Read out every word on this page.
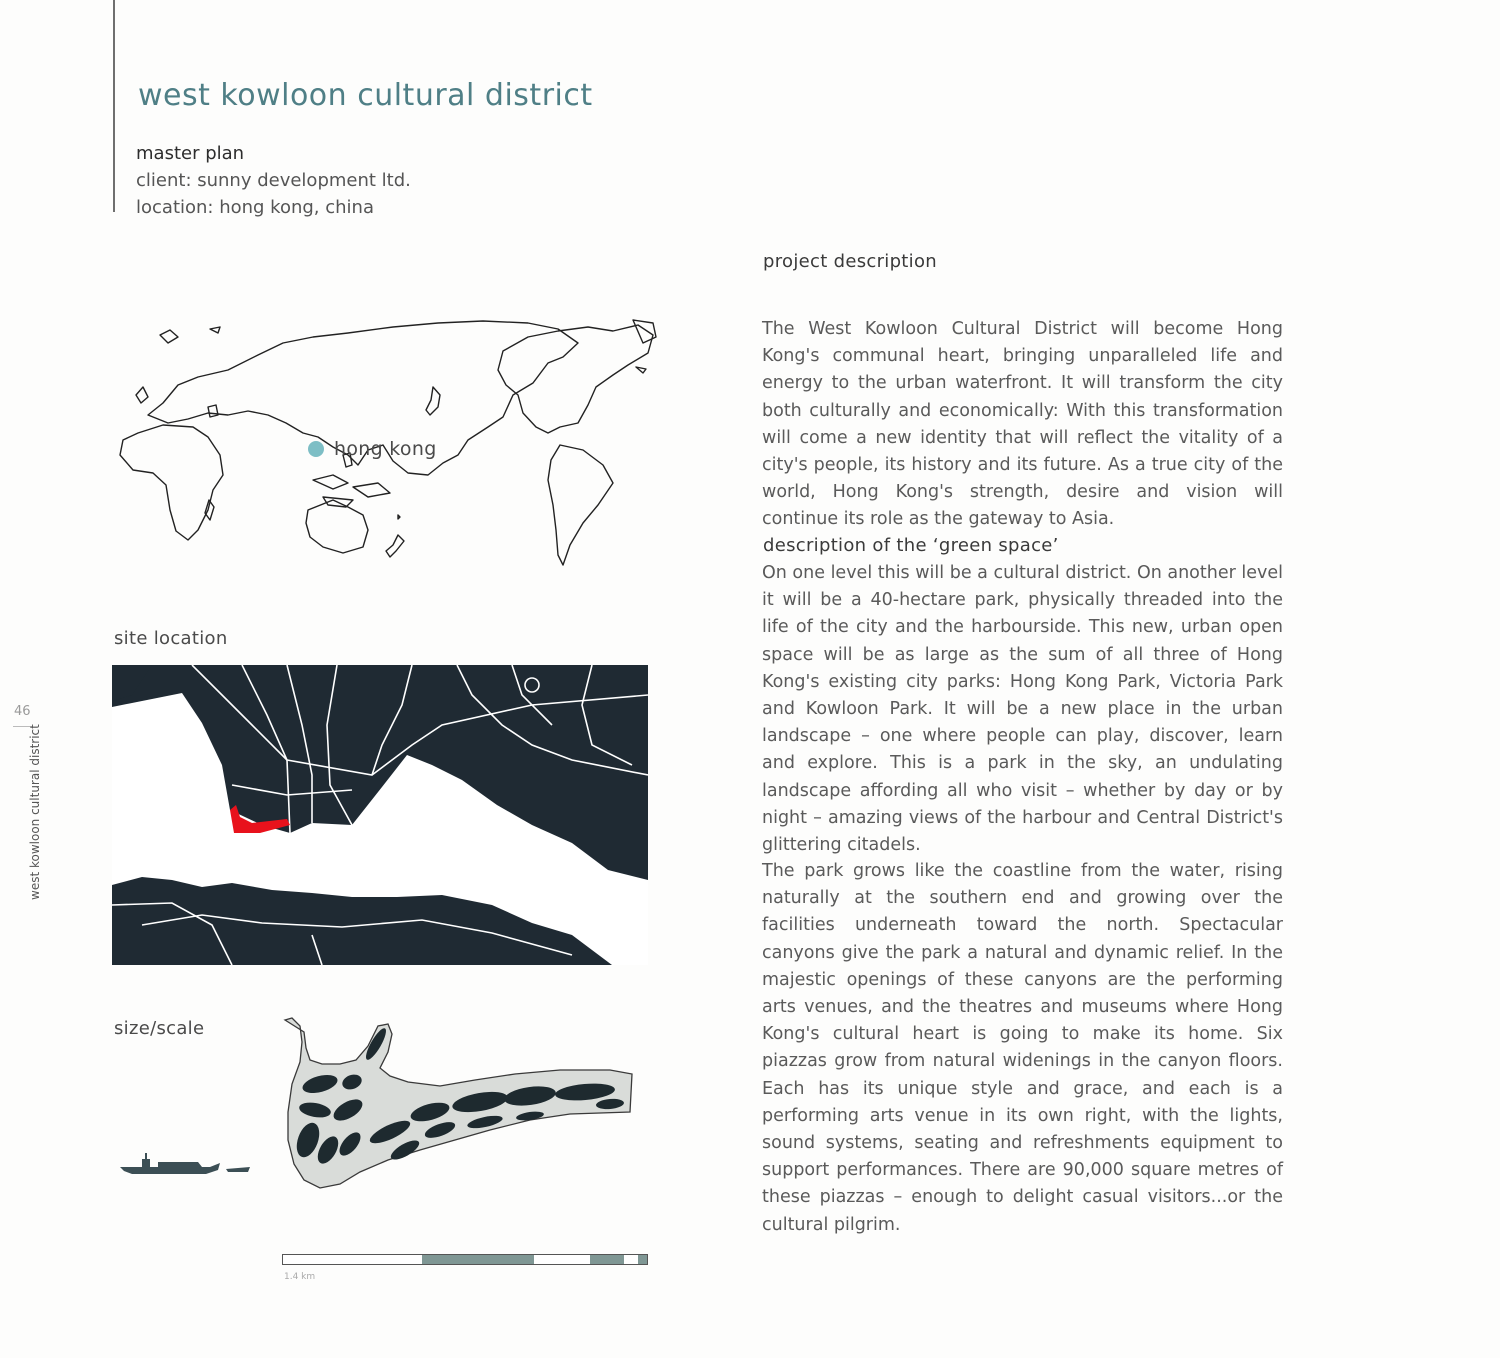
west kowloon cultural district
master plan
client: sunny development ltd.
location: hong kong, china
46
west kowloon cultural district
hong kong
site location
size/scale
1.4 km
project description

The West Kowloon Cultural District will become Hong Kong's communal heart, bringing unparalleled life and energy to the urban waterfront. It will transform the city both culturally and economically: With this transformation will come a new identity that will reflect the vitality of a city's people, its history and its future. As a true city of the world, Hong Kong's strength, desire and vision will continue its role as the gateway to Asia.

description of the ‘green space’

On one level this will be a cultural district. On another level it will be a 40-hectare park, physically threaded into the life of the city and the harbourside. This new, urban open space will be as large as the sum of all three of Hong Kong's existing city parks: Hong Kong Park, Victoria Park and Kowloon Park. It will be a new place in the urban landscape – one where people can play, discover, learn and explore. This is a park in the sky, an undulating landscape affording all who visit – whether by day or by night – amazing views of the harbour and Central District's glittering citadels.

The park grows like the coastline from the water, rising naturally at the southern end and growing over the facilities underneath toward the north. Spectacular canyons give the park a natural and dynamic relief. In the majestic openings of these canyons are the performing arts venues, and the theatres and museums where Hong Kong's cultural heart is going to make its home. Six piazzas grow from natural widenings in the canyon floors. Each has its unique style and grace, and each is a performing arts venue in its own right, with the lights, sound systems, seating and refreshments equipment to support performances. There are 90,000 square metres of these piazzas – enough to delight casual visitors...or the cultural pilgrim.
